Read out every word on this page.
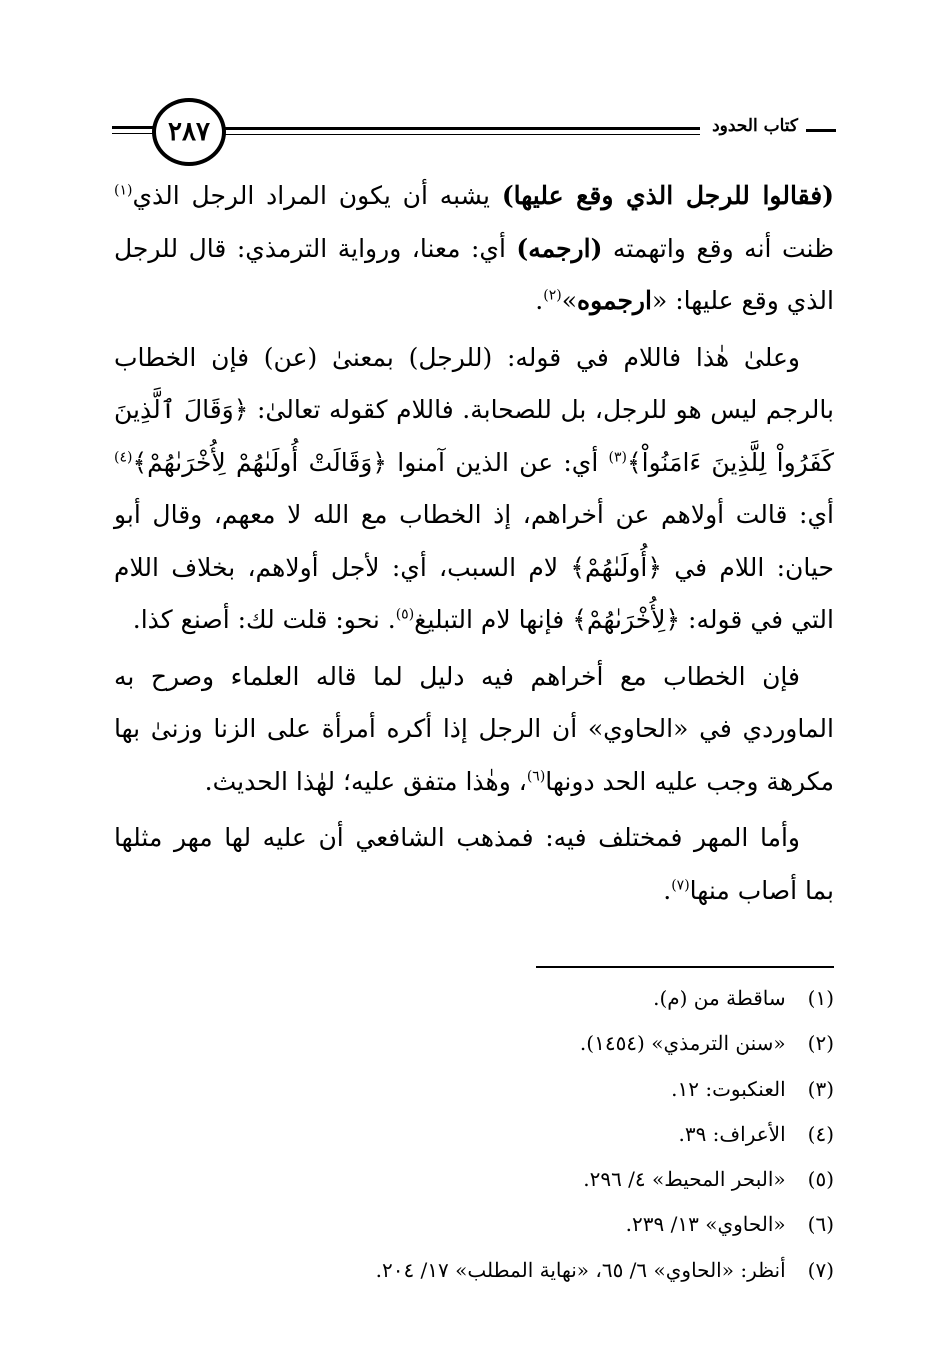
٢٨٧	كتاب الحدود

(فقالوا للرجل الذي وقع عليها) يشبه أن يكون المراد الرجل الذي$^{(١)}$ ظنت أنه وقع واتهمته (ارجمه) أي: معنا، ورواية الترمذي: قال للرجل الذي وقع عليها: «ارجموه»$^{(٢)}$.

وعلىٰ هٰذا فاللام في قوله: (للرجل) بمعنىٰ (عن) فإن الخطاب بالرجم ليس هو للرجل، بل للصحابة. فاللام كقوله تعالىٰ: ﴿وَقَالَ ٱلَّذِينَ كَفَرُواْ لِلَّذِينَ ءَامَنُواْ﴾$^{(٣)}$ أي: عن الذين آمنوا ﴿وَقَالَتْ أُولَىٰهُمْ لِأُخْرَىٰهُمْ﴾$^{(٤)}$ أي: قالت أولاهم عن أخراهم، إذ الخطاب مع الله لا معهم، وقال أبو حيان: اللام في ﴿أُولَىٰهُمْ﴾ لام السبب، أي: لأجل أولاهم، بخلاف اللام التي في قوله: ﴿لِأُخْرَىٰهُمْ﴾ فإنها لام التبليغ$^{(٥)}$. نحو: قلت لك: أصنع كذا.

فإن الخطاب مع أخراهم فيه دليل لما قاله العلماء وصرح به الماوردي في «الحاوي» أن الرجل إذا أكره أمرأة على الزنا وزنىٰ بها مكرهة وجب عليه الحد دونها$^{(٦)}$، وهٰذا متفق عليه؛ لهٰذا الحديث.

وأما المهر فمختلف فيه: فمذهب الشافعي أن عليه لها مهر مثلها بما أصاب منها$^{(٧)}$.

(١) ساقطة من (م).
(٢) «سنن الترمذي» (١٤٥٤).
(٣) العنكبوت: ١٢.
(٤) الأعراف: ٣٩.
(٥) «البحر المحيط» ٤/ ٢٩٦.
(٦) «الحاوي» ١٣/ ٢٣٩.
(٧) أنظر: «الحاوي» ٦/ ٦٥، «نهاية المطلب» ١٧/ ٢٠٤.
